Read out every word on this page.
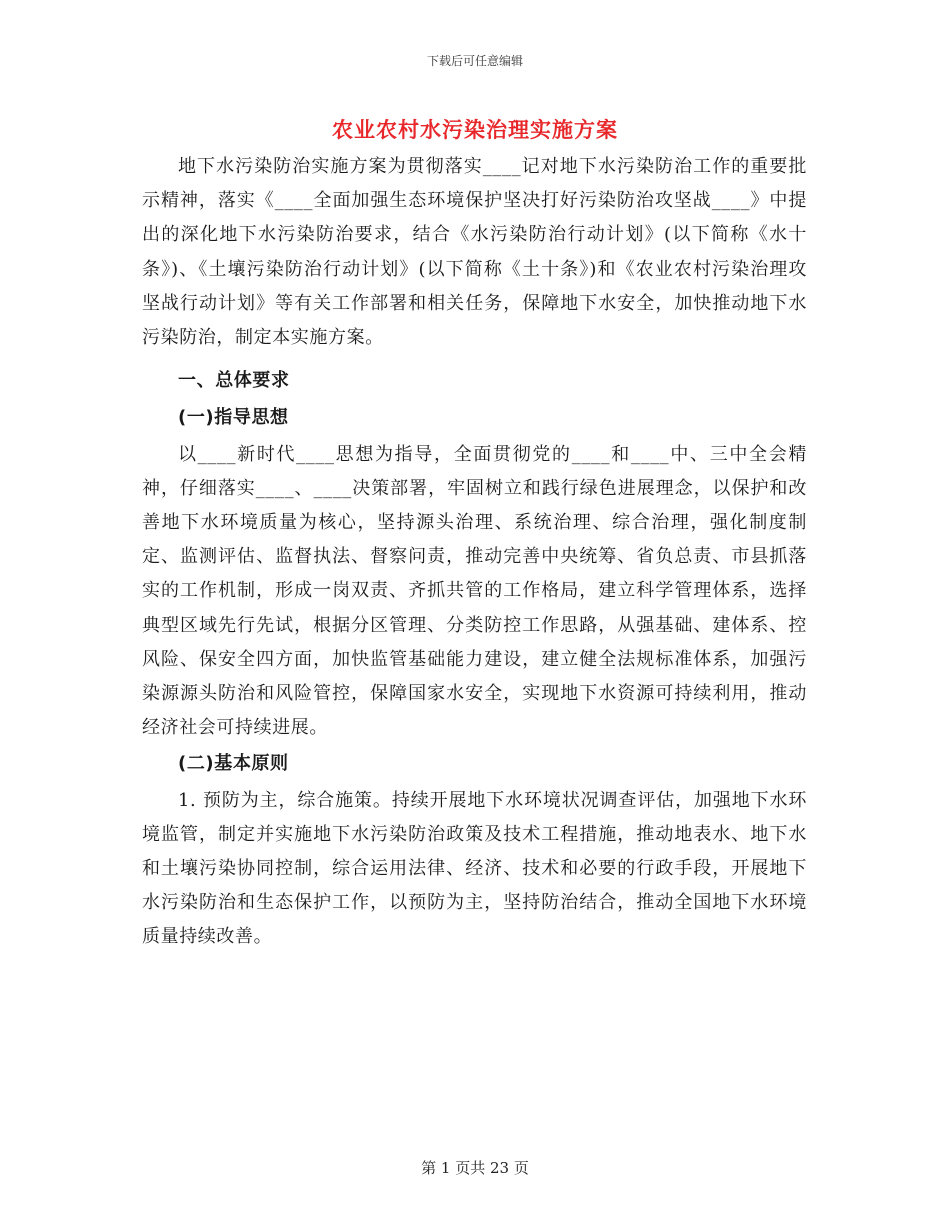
下载后可任意编辑
农业农村水污染治理实施方案

地下水污染防治实施方案为贯彻落实____记对地下水污染防治工作的重要批示精神，落实《____全面加强生态环境保护坚决打好污染防治攻坚战____》中提出的深化地下水污染防治要求，结合《水污染防治行动计划》(以下简称《水十条》)、《土壤污染防治行动计划》(以下简称《土十条》)和《农业农村污染治理攻坚战行动计划》等有关工作部署和相关任务，保障地下水安全，加快推动地下水污染防治，制定本实施方案。

一、总体要求

(一)指导思想

以____新时代____思想为指导，全面贯彻党的____和____中、三中全会精神，仔细落实____、____决策部署，牢固树立和践行绿色进展理念，以保护和改善地下水环境质量为核心，坚持源头治理、系统治理、综合治理，强化制度制定、监测评估、监督执法、督察问责，推动完善中央统筹、省负总责、市县抓落实的工作机制，形成一岗双责、齐抓共管的工作格局，建立科学管理体系，选择典型区域先行先试，根据分区管理、分类防控工作思路，从强基础、建体系、控风险、保安全四方面，加快监管基础能力建设，建立健全法规标准体系，加强污染源源头防治和风险管控，保障国家水安全，实现地下水资源可持续利用，推动经济社会可持续进展。

(二)基本原则

1. 预防为主，综合施策。持续开展地下水环境状况调查评估，加强地下水环境监管，制定并实施地下水污染防治政策及技术工程措施，推动地表水、地下水和土壤污染协同控制，综合运用法律、经济、技术和必要的行政手段，开展地下水污染防治和生态保护工作，以预防为主，坚持防治结合，推动全国地下水环境质量持续改善。

第 1 页共 23 页
